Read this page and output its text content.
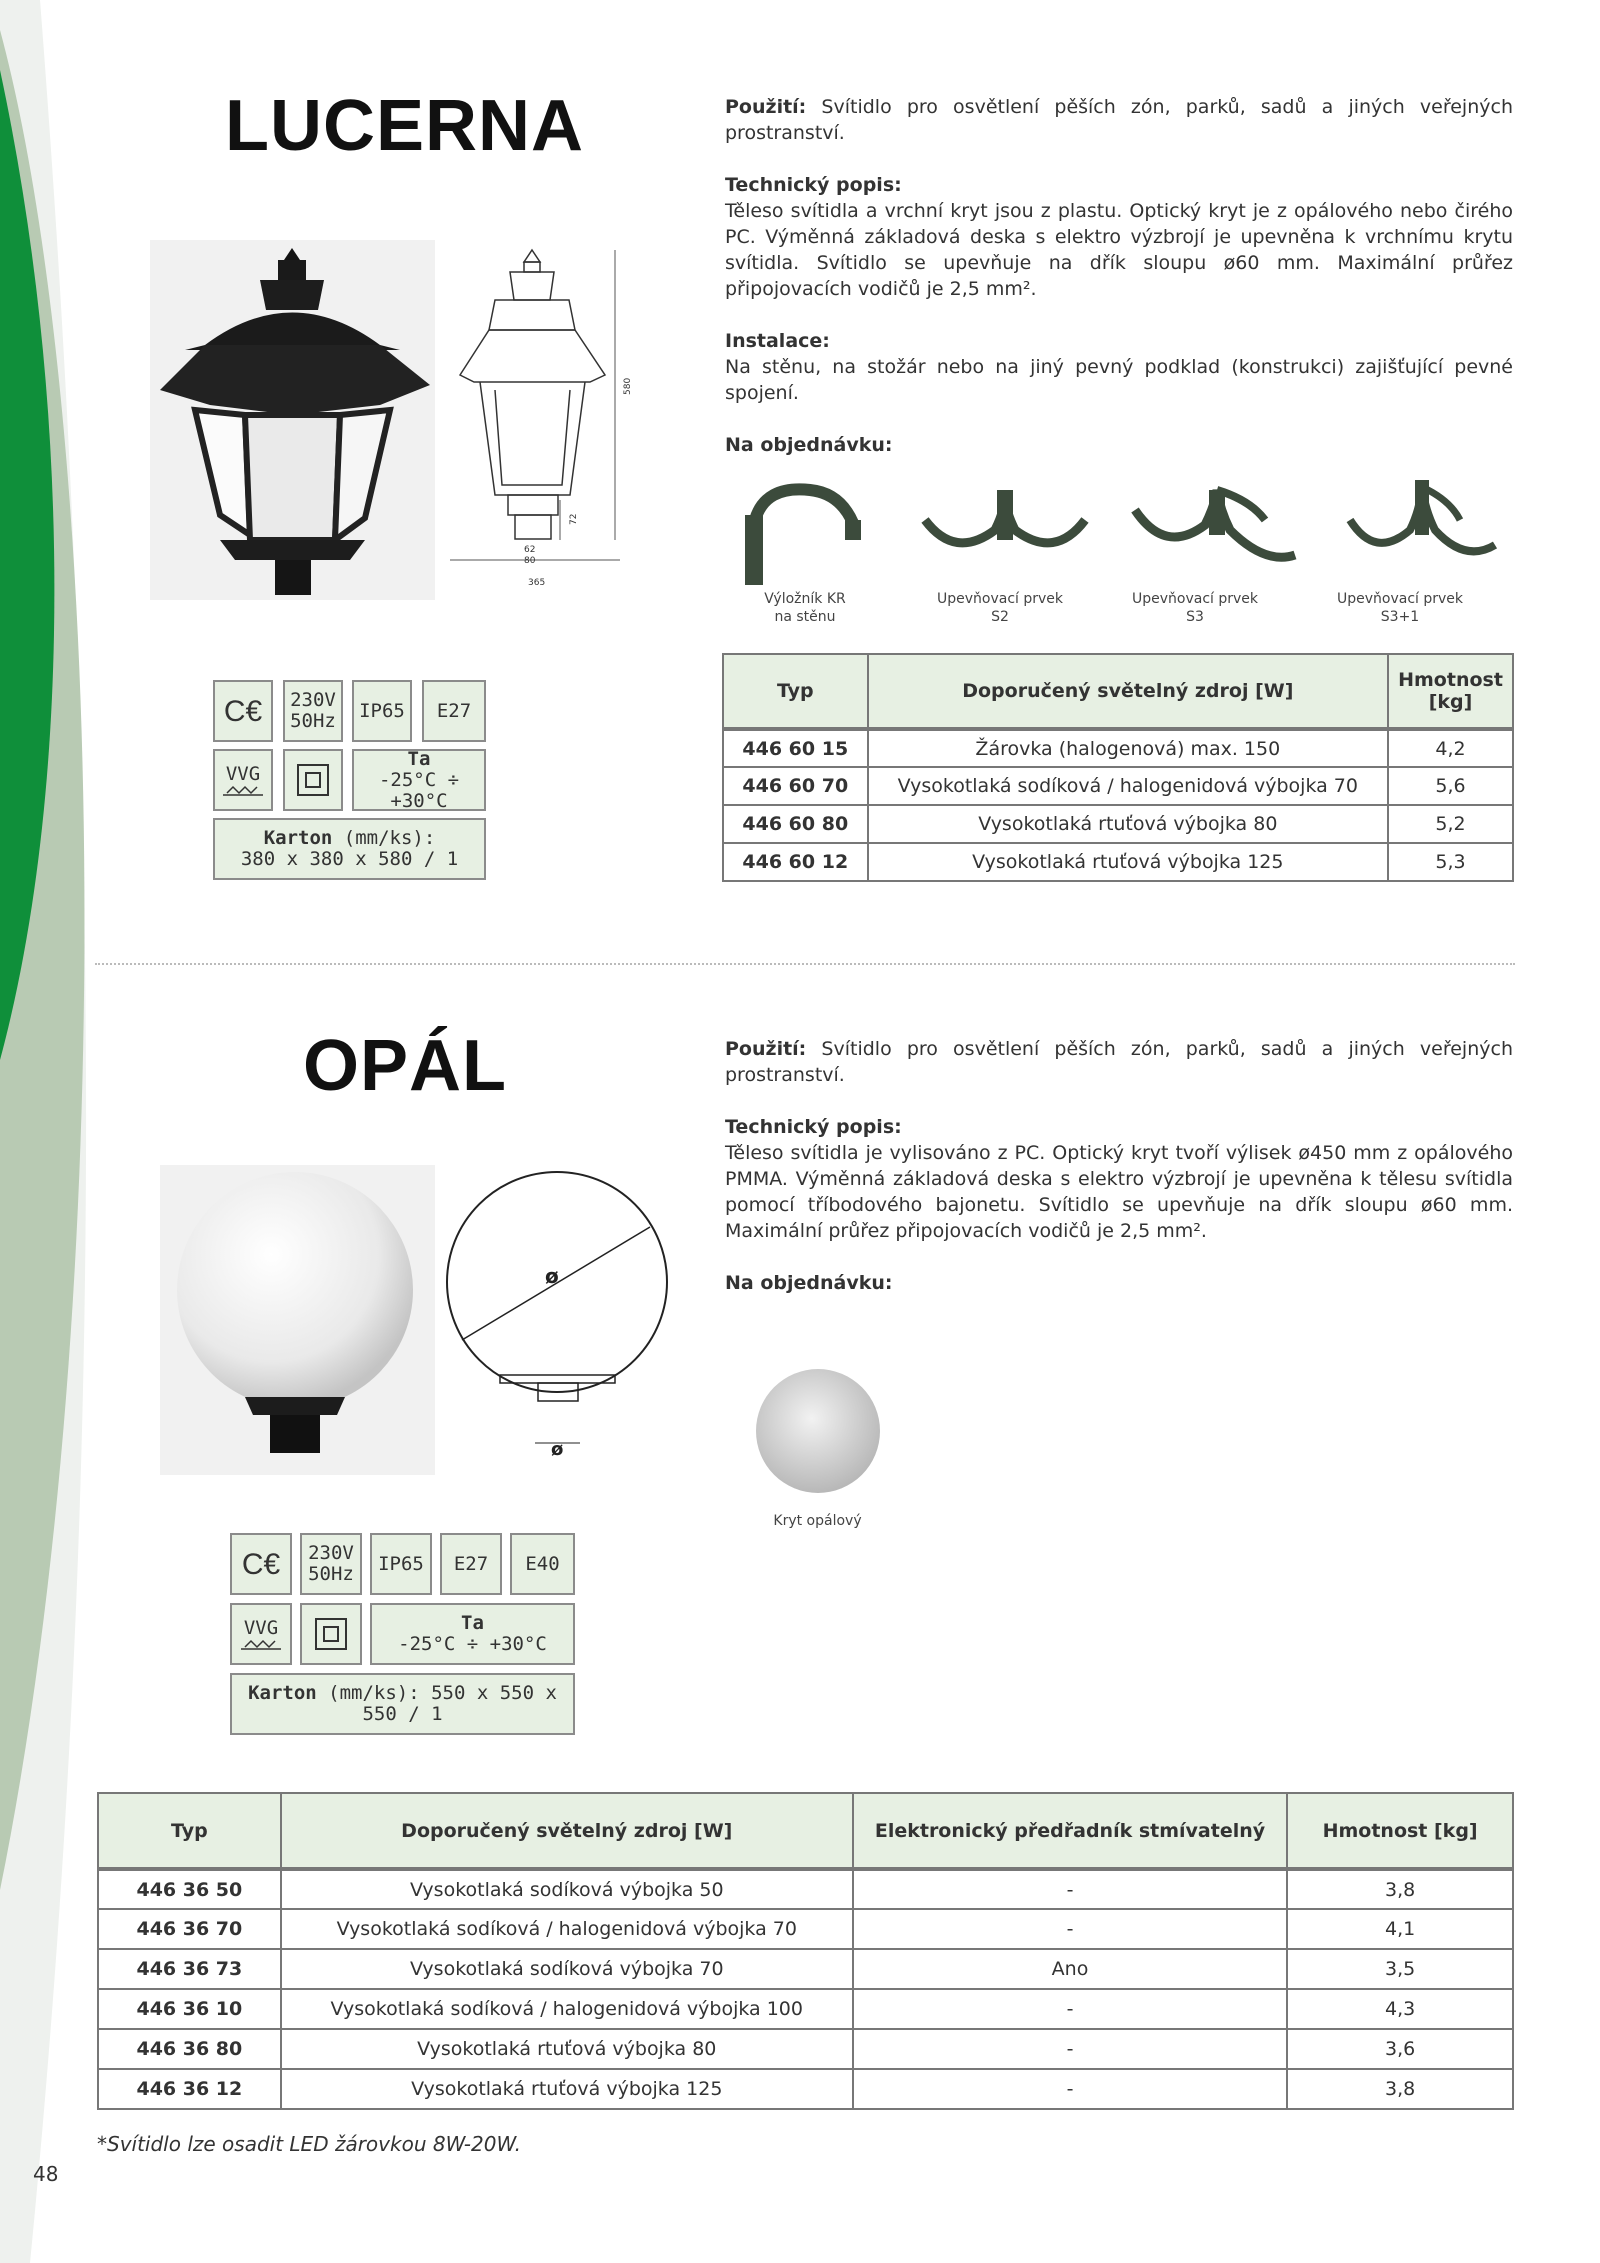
LUCERNA	Použití: Svítidlo pro osvětlení pěších zón, parků, sadů a jiných veřejných prostranství.
Technický popis:
Těleso svítidla a vrchní kryt jsou z plastu. Optický kryt je z opálového nebo čirého PC. Výměnná základová deska s elektro výzbrojí je upevněna k vrchnímu krytu svítidla. Svítidlo se upevňuje na dřík sloupu ø60 mm. Maximální průřez připojovacích vodičů je 2,5 mm².
Instalace:
Na stěnu, na stožár nebo na jiný pevný podklad (konstrukci) zajišťující pevné spojení.
Na objednávku:
580
72
62
80
365
Výložník KR
na stěnu
Upevňovací prvek
S2
Upevňovací prvek
S3
Upevňovací prvek
S3+1
C€ 230V
50Hz IP65 E27
VVG
Ta
-25°C ÷ +30°C
Karton (mm/ks):
380 x 380 x 580 / 1
Typ	Doporučený světelný zdroj [W]	Hmotnost [kg]
446 60 15	Žárovka (halogenová) max. 150	4,2
446 60 70	Vysokotlaká sodíková / halogenidová výbojka 70	5,6
446 60 80	Vysokotlaká rtuťová výbojka 80	5,2
446 60 12	Vysokotlaká rtuťová výbojka 125	5,3
OPÁL	Použití: Svítidlo pro osvětlení pěších zón, parků, sadů a jiných veřejných prostranství.
Technický popis:
Těleso svítidla je vylisováno z PC. Optický kryt tvoří výlisek ø450 mm z opálového PMMA. Výměnná základová deska s elektro výzbrojí je upevněna k tělesu svítidla pomocí tříbodového bajonetu. Svítidlo se upevňuje na dřík sloupu ø60 mm. Maximální průřez připojovacích vodičů je 2,5 mm².
Na objednávku:
ø
ø
Kryt opálový
C€ 230V
50Hz IP65 E27 E40
VVG	Ta
-25°C ÷ +30°C
Karton (mm/ks): 550 x 550 x 550 / 1
Typ	Doporučený světelný zdroj [W]	Elektronický předřadník stmívatelný	Hmotnost [kg]
446 36 50	Vysokotlaká sodíková výbojka 50	-	3,8
446 36 70	Vysokotlaká sodíková / halogenidová výbojka 70	-	4,1
446 36 73	Vysokotlaká sodíková výbojka 70	Ano	3,5
446 36 10	Vysokotlaká sodíková / halogenidová výbojka 100	-	4,3
446 36 80	Vysokotlaká rtuťová výbojka 80	-	3,6
446 36 12	Vysokotlaká rtuťová výbojka 125	-	3,8
*Svítidlo lze osadit LED žárovkou 8W-20W.
48
